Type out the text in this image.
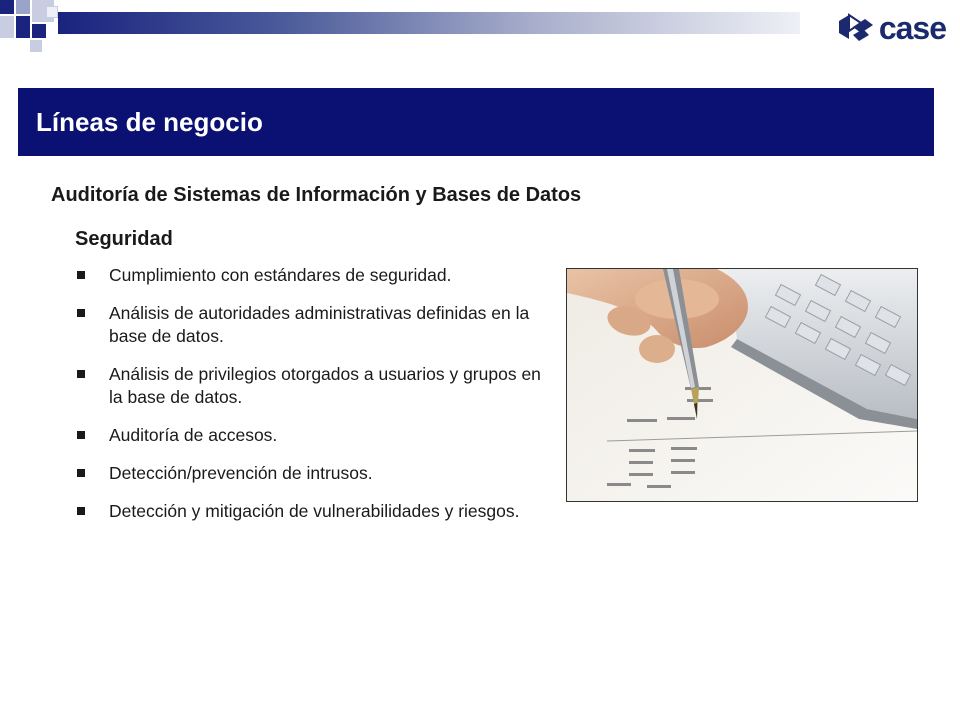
case
Líneas de negocio
Auditoría de Sistemas de Información y Bases de Datos
Seguridad
Cumplimiento con estándares de seguridad.
Análisis de autoridades administrativas definidas en la base de datos.
Análisis de privilegios otorgados a usuarios y grupos en la base de datos.
Auditoría de accesos.
Detección/prevención de intrusos.
Detección y mitigación de vulnerabilidades y riesgos.
